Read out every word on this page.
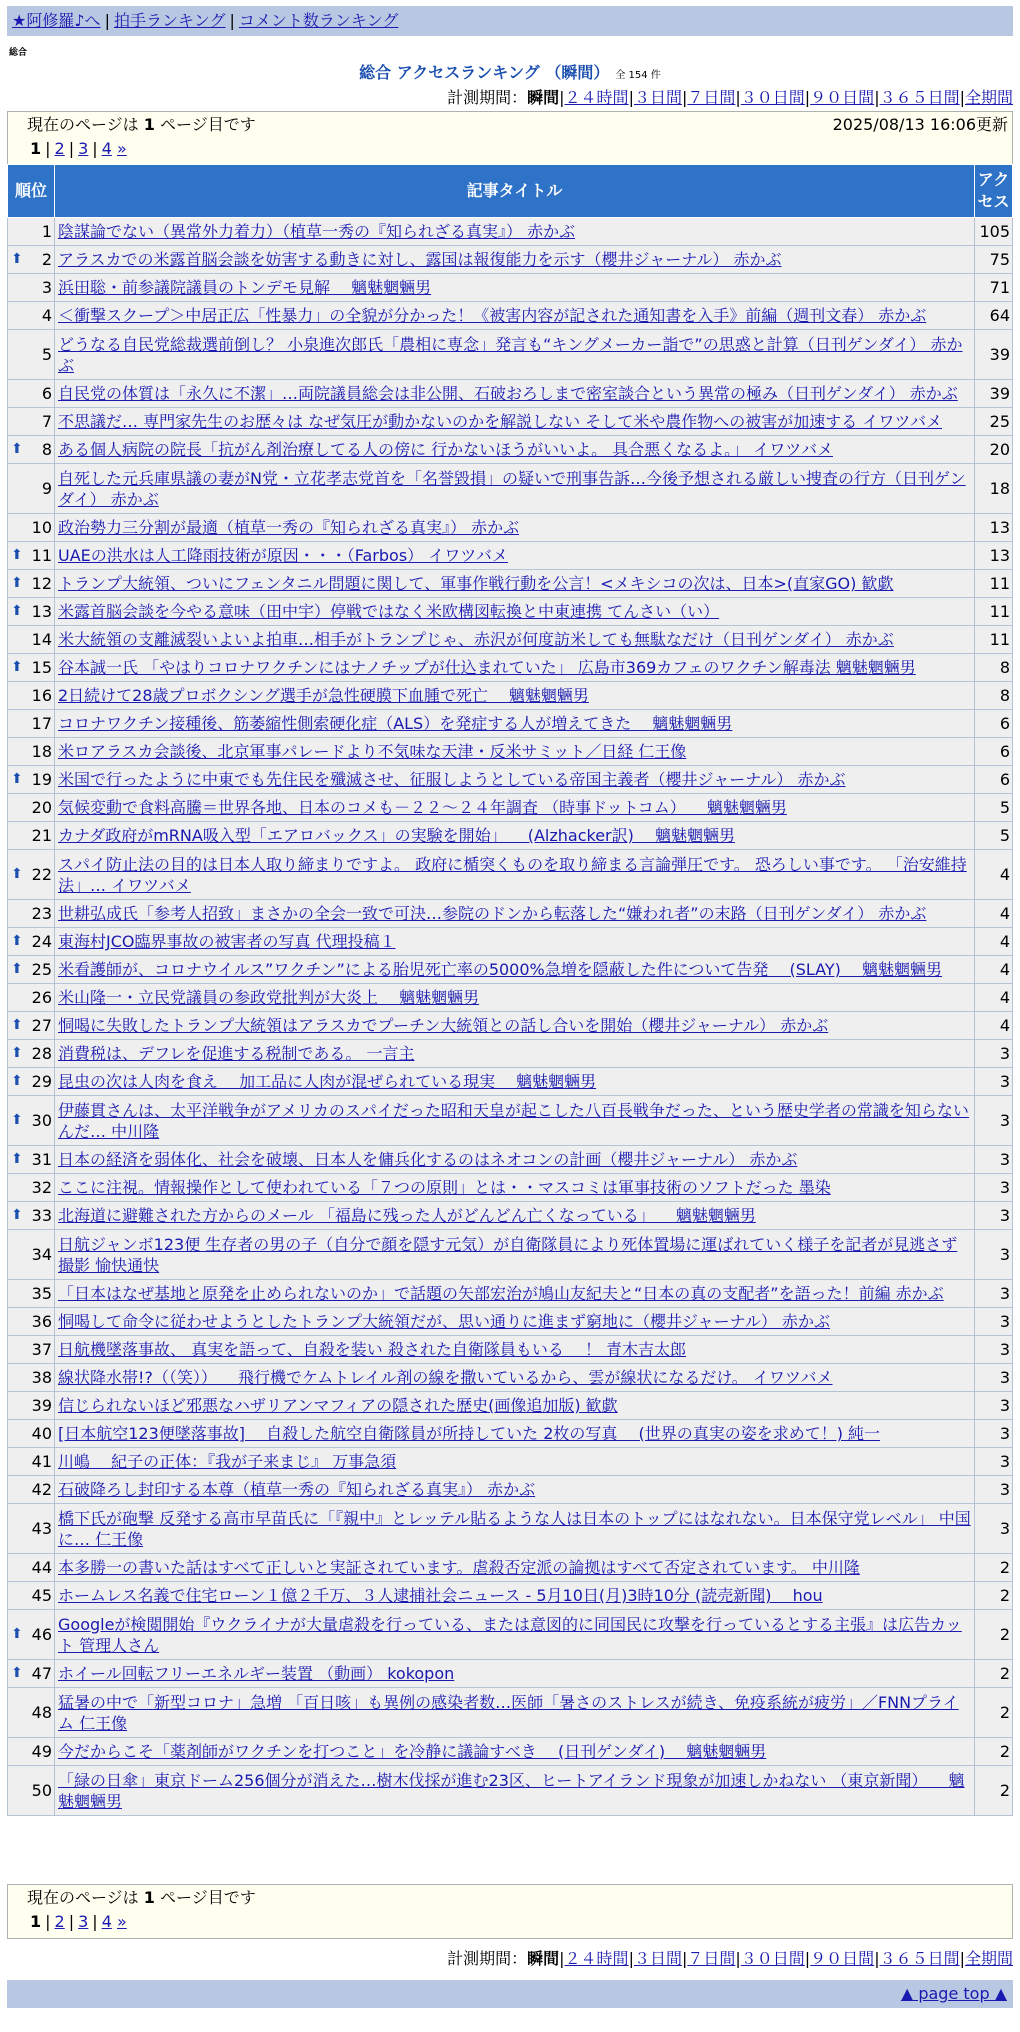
★阿修羅♪へ | 拍手ランキング | コメント数ランキング
総合
総合 アクセスランキング （瞬間） 全 154 件
計測期間：瞬間|２４時間|３日間|７日間|３０日間|９０日間|３６５日間|全期間
現在のページは 1 ページ目です	2025/08/13 16:06更新
1 | 2 | 3 | 4 »
順位	記事タイトル	アクセス
1	陰謀論でない（異常外力着力）（植草一秀の『知られざる真実』） 赤かぶ	105

⬆ 2	アラスカでの米露首脳会談を妨害する動きに対し、露国は報復能力を示す（櫻井ジャーナル） 赤かぶ	75
3	浜田聡・前参議院議員のトンデモ見解 　魑魅魍魎男	71
4	＜衝撃スクープ＞中居正広「性暴力」の全貌が分かった！《被害内容が記された通知書を入手》前編（週刊文春） 赤かぶ	64
5	どうなる自民党総裁選前倒し？ 小泉進次郎氏「農相に専念」発言も“キングメーカー詣で”の思惑と計算（日刊ゲンダイ） 赤かぶ	39
6	自民党の体質は「永久に不潔」…両院議員総会は非公開、石破おろしまで密室談合という異常の極み（日刊ゲンダイ） 赤かぶ	39
7	不思議だ… 専門家先生のお歴々は なぜ気圧が動かないのかを解説しない そして米や農作物への被害が加速する イワツバメ	25

⬆ 8	ある個人病院の院長「抗がん剤治療してる人の傍に 行かないほうがいいよ。 具合悪くなるよ。」 イワツバメ	20
9	自死した元兵庫県議の妻がN党・立花孝志党首を「名誉毀損」の疑いで刑事告訴…今後予想される厳しい捜査の行方（日刊ゲンダイ） 赤かぶ	18
10	政治勢力三分割が最適（植草一秀の『知られざる真実』） 赤かぶ	13

⬆ 11	UAEの洪水は人工降雨技術が原因・・・（Farbos） イワツバメ	13

⬆ 12	トランプ大統領、ついにフェンタニル問題に関して、軍事作戦行動を公言！<メキシコの次は、日本>(直家GO) 歓歔	11

⬆ 13	米露首脳会談を今やる意味（田中宇）停戦ではなく米欧構図転換と中東連携 てんさい（い）	11
14	米大統領の支離滅裂いよいよ拍車…相手がトランプじゃ、赤沢が何度訪米しても無駄なだけ（日刊ゲンダイ） 赤かぶ	11

⬆ 15	谷本誠一氏 「やはりコロナワクチンにはナノチップが仕込まれていた」 広島市369カフェのワクチン解毒法 魑魅魍魎男	8
16	2日続けて28歳プロボクシング選手が急性硬膜下血腫で死亡 　魑魅魍魎男	8
17	コロナワクチン接種後、筋萎縮性側索硬化症（ALS）を発症する人が増えてきた 　魑魅魍魎男	6
18	米ロアラスカ会談後、北京軍事パレードより不気味な天津・反米サミット／日経 仁王像	6

⬆ 19	米国で行ったように中東でも先住民を殲滅させ、征服しようとしている帝国主義者（櫻井ジャーナル） 赤かぶ	6
20	気候変動で食料高騰＝世界各地、日本のコメも－２２～２４年調査 （時事ドットコム） 　魑魅魍魎男	5
21	カナダ政府がmRNA吸入型「エアロバックス」の実験を開始」 　(Alzhacker訳) 　魑魅魍魎男	5

⬆ 22	スパイ防止法の目的は日本人取り締まりですよ。 政府に楯突くものを取り締まる言論弾圧です。 恐ろしい事です。 「治安維持法」… イワツバメ	4
23	世耕弘成氏「参考人招致」まさかの全会一致で可決…参院のドンから転落した“嫌われ者”の末路（日刊ゲンダイ） 赤かぶ	4

⬆ 24	東海村JCO臨界事故の被害者の写真 代理投稿１	4

⬆ 25	米看護師が、コロナウイルス”ワクチン”による胎児死亡率の5000%急増を隠蔽した件について告発 　(SLAY) 　魑魅魍魎男	4
26	米山隆一・立民党議員の参政党批判が大炎上 　魑魅魍魎男	4

⬆ 27	恫喝に失敗したトランプ大統領はアラスカでプーチン大統領との話し合いを開始（櫻井ジャーナル） 赤かぶ	4

⬆ 28	消費税は、デフレを促進する税制である。 一言主	3

⬆ 29	昆虫の次は人肉を食え 　加工品に人肉が混ぜられている現実 　魑魅魍魎男	3

⬆ 30	伊藤貫さんは、太平洋戦争がアメリカのスパイだった昭和天皇が起こした八百長戦争だった、という歴史学者の常識を知らないんだ… 中川隆	3

⬆ 31	日本の経済を弱体化、社会を破壊、日本人を傭兵化するのはネオコンの計画（櫻井ジャーナル） 赤かぶ	3
32	ここに注視。情報操作として使われている「７つの原則」とは・・マスコミは軍事技術のソフトだった 墨染	3

⬆ 33	北海道に避難された方からのメール 「福島に残った人がどんどん亡くなっている」 　魑魅魍魎男	3
34	日航ジャンボ123便 生存者の男の子（自分で顔を隠す元気）が自衛隊員により死体置場に運ばれていく様子を記者が見逃さず撮影 愉快通快	3
35	「日本はなぜ基地と原発を止められないのか」で話題の矢部宏治が鳩山友紀夫と“日本の真の支配者”を語った！前編 赤かぶ	3
36	恫喝して命令に従わせようとしたトランプ大統領だが、思い通りに進まず窮地に（櫻井ジャーナル） 赤かぶ	3
37	日航機墜落事故、 真実を語って、自殺を装い 殺された自衛隊員もいる 　！ 青木吉太郎	3
38	線状降水帯!?（（笑）） 　飛行機でケムトレイル剤の線を撒いているから、雲が線状になるだけ。 イワツバメ	3
39	信じられないほど邪悪なハザリアンマフィアの隠された歴史(画像追加版) 歓歔	3
40	[日本航空123便墜落事故] 　自殺した航空自衛隊員が所持していた 2枚の写真 　(世界の真実の姿を求めて！) 純一	3
41	川嶋 　紀子の正体：『我が子来まじ』 万事急須	3
42	石破降ろし封印する本尊（植草一秀の『知られざる真実』） 赤かぶ	3
43	橋下氏が砲撃 反発する高市早苗氏に「『親中』とレッテル貼るような人は日本のトップにはなれない。日本保守党レベル」 中国に… 仁王像	3
44	本多勝一の書いた話はすべて正しいと実証されています。虐殺否定派の論拠はすべて否定されています。 中川隆	2
45	ホームレス名義で住宅ローン１億２千万、３人逮捕社会ニュース - 5月10日(月)3時10分 (読売新聞) 　hou	2

⬆ 46	Googleが検閲開始『ウクライナが大量虐殺を行っている、または意図的に同国民に攻撃を行っているとする主張』は広告カット 管理人さん	2

⬆ 47	ホイール回転フリーエネルギー装置 （動画） kokopon	2
48	猛暑の中で「新型コロナ」急増 「百日咳」も異例の感染者数…医師「暑さのストレスが続き、免疫系統が疲労」／FNNプライム 仁王像	2
49	今だからこそ「薬剤師がワクチンを打つこと」を冷静に議論すべき 　(日刊ゲンダイ) 　魑魅魍魎男	2
50	「緑の日傘」東京ドーム256個分が消えた…樹木伐採が進む23区、ヒートアイランド現象が加速しかねない （東京新聞） 　魑魅魍魎男	2
現在のページは 1 ページ目です
1 | 2 | 3 | 4 »
計測期間：瞬間|２４時間|３日間|７日間|３０日間|９０日間|３６５日間|全期間
▲ page top ▲
